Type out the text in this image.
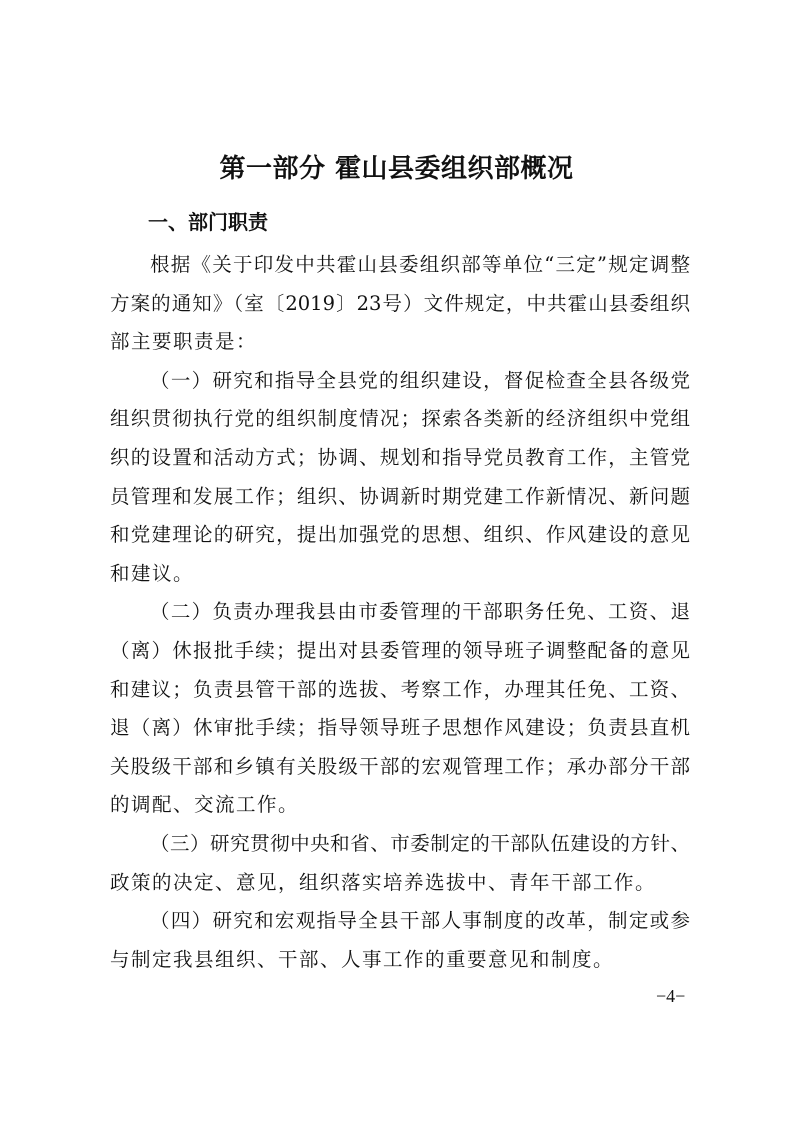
第一部分 霍山县委组织部概况
一、部门职责
根据《关于印发中共霍山县委组织部等单位“三定”规定调整
方案的通知》（室〔2019〕23号）文件规定，中共霍山县委组织
部主要职责是：
（一）研究和指导全县党的组织建设，督促检查全县各级党
组织贯彻执行党的组织制度情况；探索各类新的经济组织中党组
织的设置和活动方式；协调、规划和指导党员教育工作，主管党
员管理和发展工作；组织、协调新时期党建工作新情况、新问题
和党建理论的研究，提出加强党的思想、组织、作风建设的意见
和建议。
（二）负责办理我县由市委管理的干部职务任免、工资、退
（离）休报批手续；提出对县委管理的领导班子调整配备的意见
和建议；负责县管干部的选拔、考察工作，办理其任免、工资、
退（离）休审批手续；指导领导班子思想作风建设；负责县直机
关股级干部和乡镇有关股级干部的宏观管理工作；承办部分干部
的调配、交流工作。
（三）研究贯彻中央和省、市委制定的干部队伍建设的方针、
政策的决定、意见，组织落实培养选拔中、青年干部工作。
（四）研究和宏观指导全县干部人事制度的改革，制定或参
与制定我县组织、干部、人事工作的重要意见和制度。
−4−
